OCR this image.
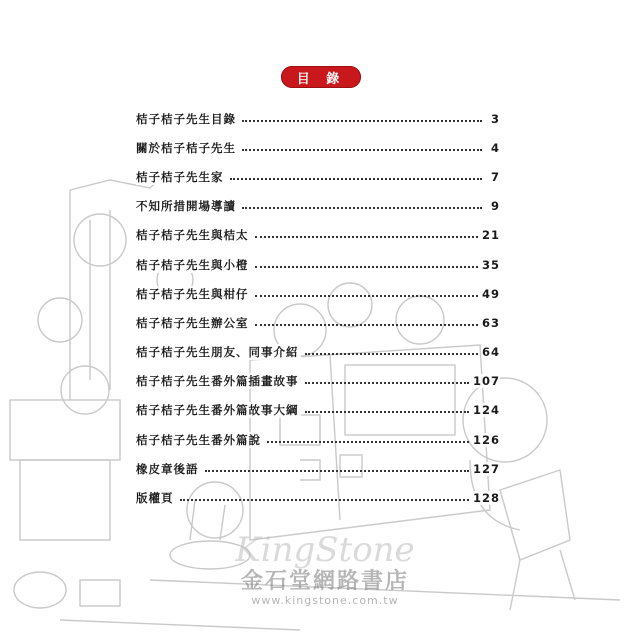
目 錄
桔子桔子先生目錄	3
關於桔子桔子先生	4
桔子桔子先生家	7
不知所措開場導讀	9
桔子桔子先生與桔太	21
桔子桔子先生與小橙	35
桔子桔子先生與柑仔	49
桔子桔子先生辦公室	63
桔子桔子先生朋友、同事介紹	64
桔子桔子先生番外篇插畫故事	107
桔子桔子先生番外篇故事大綱	124
桔子桔子先生番外篇說	126
橡皮章後語	127
版權頁	128
KingStone
金石堂網路書店
www.kingstone.com.tw
